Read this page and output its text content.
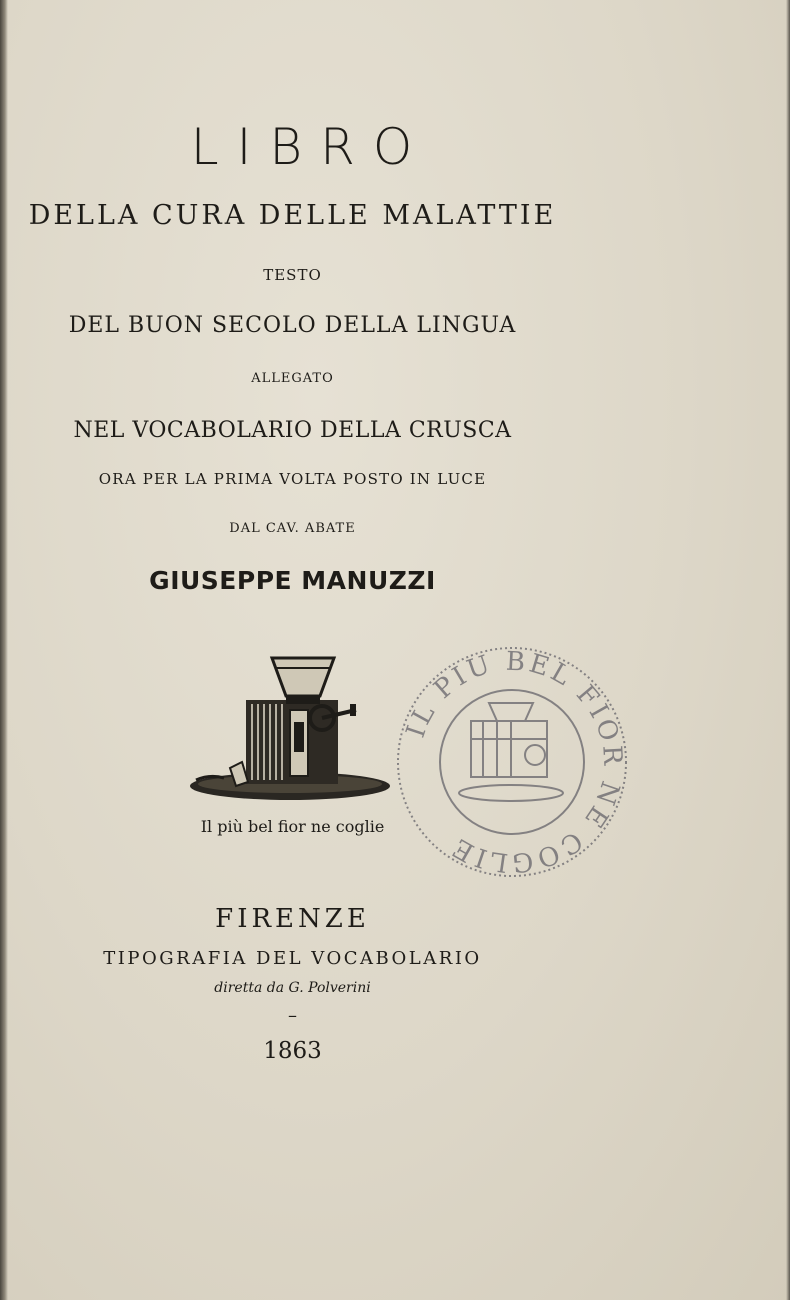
LIBRO
DELLA CURA DELLE MALATTIE
TESTO
DEL BUON SECOLO DELLA LINGUA
ALLEGATO
NEL VOCABOLARIO DELLA CRUSCA
ORA PER LA PRIMA VOLTA POSTO IN LUCE
DAL CAV. ABATE
GIUSEPPE MANUZZI
Il più bel fior ne coglie
IL PIU BEL FIOR NE COGLIE
FIRENZE
TIPOGRAFIA DEL VOCABOLARIO
diretta da G. Polverini
–
1863
